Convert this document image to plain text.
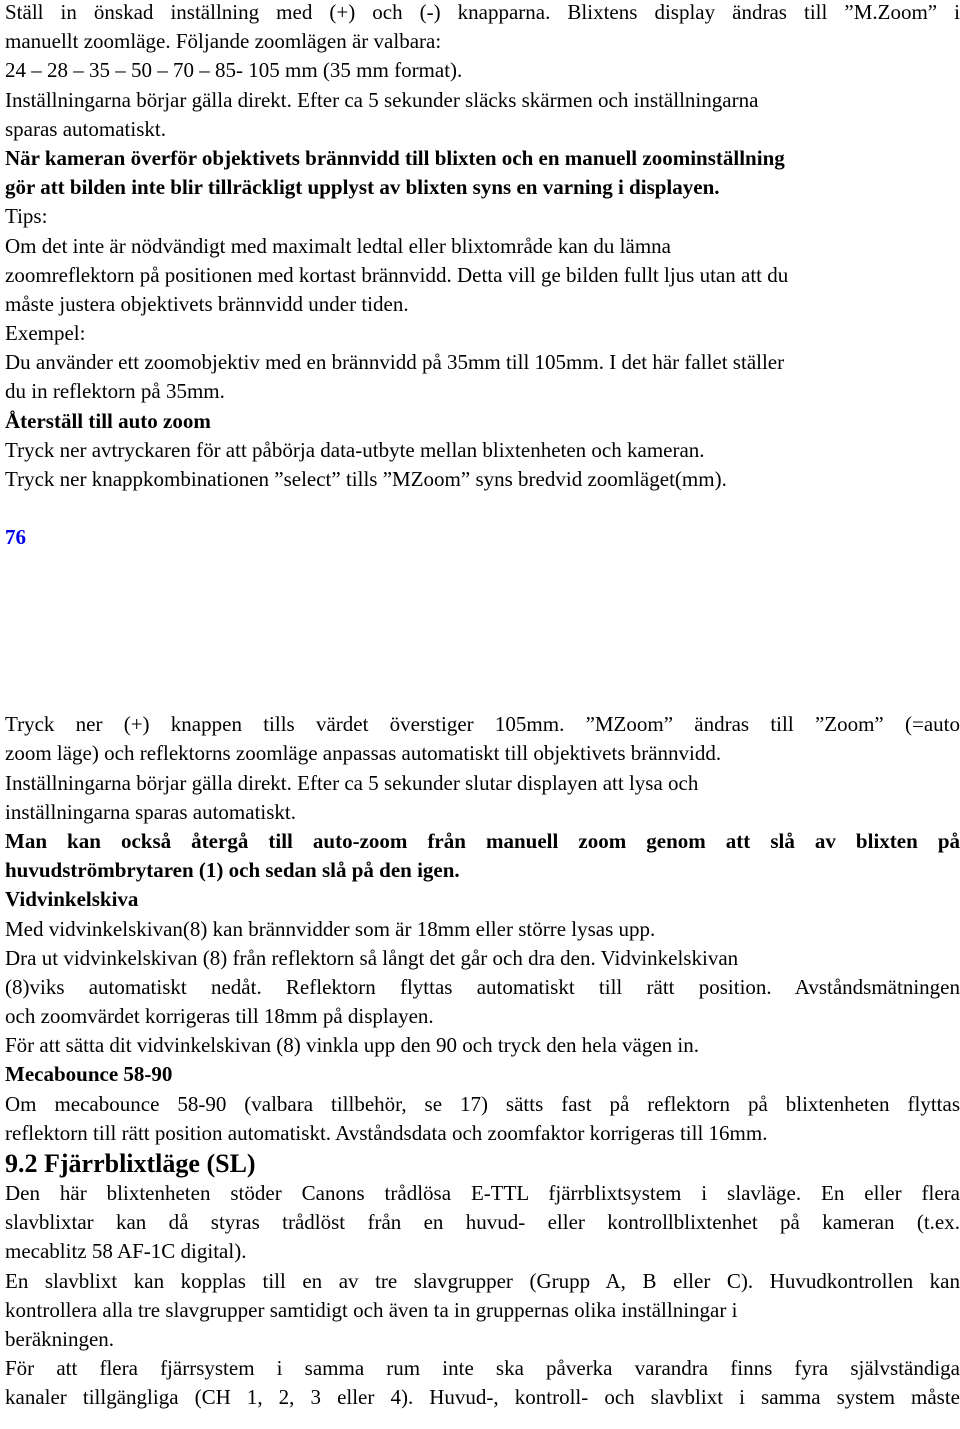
Ställ in önskad inställning med (+) och (-) knapparna. Blixtens display ändras till ”M.Zoom” i
manuellt zoomläge. Följande zoomlägen är valbara:
24 – 28 – 35 – 50 – 70 – 85- 105 mm (35 mm format).
Inställningarna börjar gälla direkt. Efter ca 5 sekunder släcks skärmen och inställningarna
sparas automatiskt.
När kameran överför objektivets brännvidd till blixten och en manuell zoominställning
gör att bilden inte blir tillräckligt upplyst av blixten syns en varning i displayen.
Tips:
Om det inte är nödvändigt med maximalt ledtal eller blixtområde kan du lämna
zoomreflektorn på positionen med kortast brännvidd. Detta vill ge bilden fullt ljus utan att du
måste justera objektivets brännvidd under tiden.
Exempel:
Du använder ett zoomobjektiv med en brännvidd på 35mm till 105mm. I det här fallet ställer
du in reflektorn på 35mm.
Återställ till auto zoom
Tryck ner avtryckaren för att påbörja data-utbyte mellan blixtenheten och kameran.
Tryck ner knappkombinationen ”select” tills ”MZoom” syns bredvid zoomläget(mm).
76
Tryck ner (+) knappen tills värdet överstiger 105mm. ”MZoom” ändras till ”Zoom” (=auto
zoom läge) och reflektorns zoomläge anpassas automatiskt till objektivets brännvidd.
Inställningarna börjar gälla direkt. Efter ca 5 sekunder slutar displayen att lysa och
inställningarna sparas automatiskt.
Man kan också återgå till auto-zoom från manuell zoom genom att slå av blixten på
huvudströmbrytaren (1) och sedan slå på den igen.
Vidvinkelskiva
Med vidvinkelskivan(8) kan brännvidder som är 18mm eller större lysas upp.
Dra ut vidvinkelskivan (8) från reflektorn så långt det går och dra den. Vidvinkelskivan
(8)viks automatiskt nedåt. Reflektorn flyttas automatiskt till rätt position. Avståndsmätningen
och zoomvärdet korrigeras till 18mm på displayen.
För att sätta dit vidvinkelskivan (8) vinkla upp den 90 och tryck den hela vägen in.
Mecabounce 58-90
Om mecabounce 58-90 (valbara tillbehör, se 17) sätts fast på reflektorn på blixtenheten flyttas
reflektorn till rätt position automatiskt. Avståndsdata och zoomfaktor korrigeras till 16mm.
9.2 Fjärrblixtläge (SL)
Den här blixtenheten stöder Canons trådlösa E-TTL fjärrblixtsystem i slavläge. En eller flera
slavblixtar kan då styras trådlöst från en huvud- eller kontrollblixtenhet på kameran (t.ex.
mecablitz 58 AF-1C digital).
En slavblixt kan kopplas till en av tre slavgrupper (Grupp A, B eller C). Huvudkontrollen kan
kontrollera alla tre slavgrupper samtidigt och även ta in gruppernas olika inställningar i
beräkningen.
För att flera fjärrsystem i samma rum inte ska påverka varandra finns fyra självständiga
kanaler tillgängliga (CH 1, 2, 3 eller 4). Huvud-, kontroll- och slavblixt i samma system måste
